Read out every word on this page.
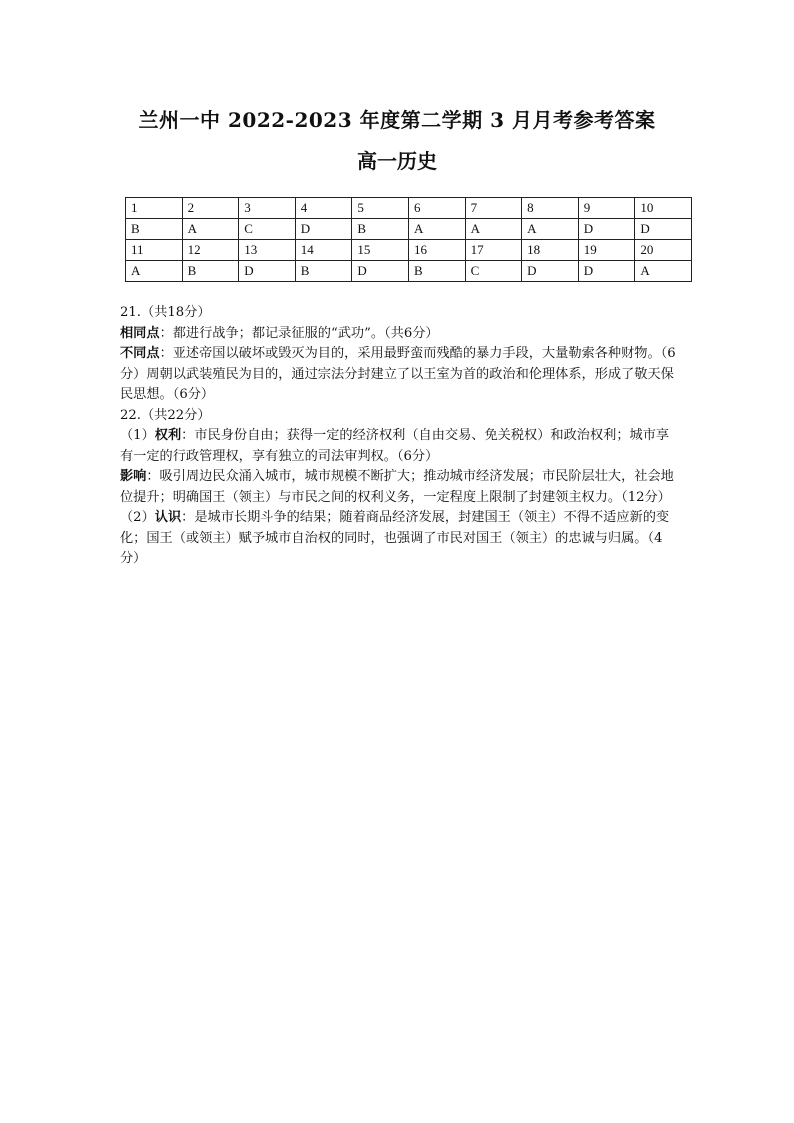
兰州一中 2022-2023 年度第二学期 3 月月考参考答案
高一历史
1	2	3	4	5	6	7	8	9	10
B	A	C	D	B	A	A	A	D	D
11	12	13	14	15	16	17	18	19	20
A	B	D	B	D	B	C	D	D	A

21.（共18分）

相同点：都进行战争；都记录征服的“武功”。（共6分）

不同点：亚述帝国以破坏或毁灭为目的，采用最野蛮而残酷的暴力手段，大量勒索各种财物。（6分）周朝以武装殖民为目的，通过宗法分封建立了以王室为首的政治和伦理体系，形成了敬天保民思想。（6分）

22.（共22分）

（1）权利：市民身份自由；获得一定的经济权利（自由交易、免关税权）和政治权利；城市享有一定的行政管理权，享有独立的司法审判权。（6分）

影响：吸引周边民众涌入城市，城市规模不断扩大；推动城市经济发展；市民阶层壮大，社会地位提升；明确国王（领主）与市民之间的权利义务，一定程度上限制了封建领主权力。（12分）

（2）认识：是城市长期斗争的结果；随着商品经济发展，封建国王（领主）不得不适应新的变化；国王（或领主）赋予城市自治权的同时，也强调了市民对国王（领主）的忠诚与归属。（4分）
